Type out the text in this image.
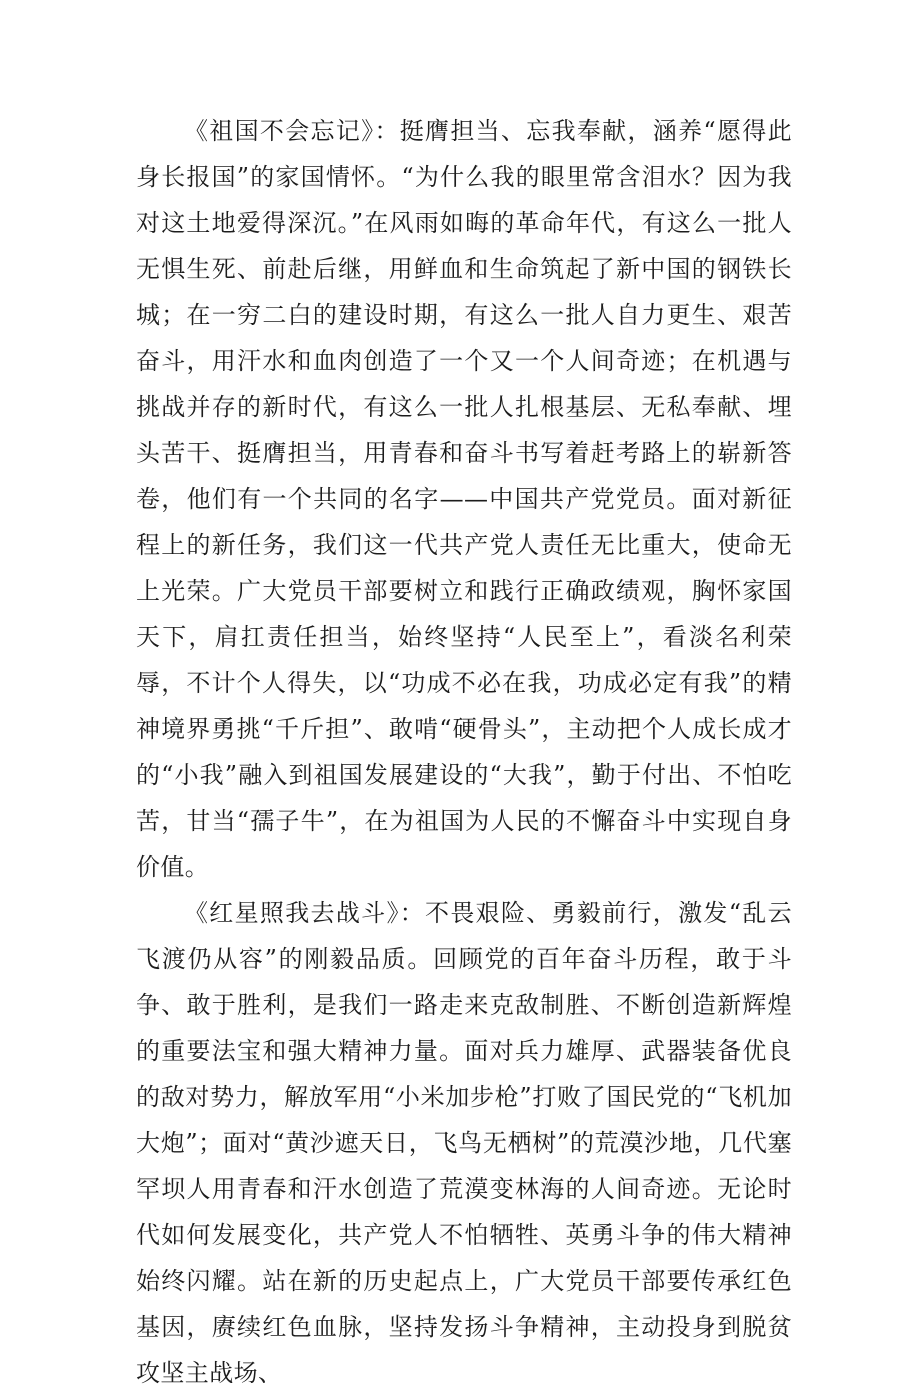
《祖国不会忘记》：挺膺担当、忘我奉献，涵养“愿得此身长报国”的家国情怀。“为什么我的眼里常含泪水？因为我对这土地爱得深沉。”在风雨如晦的革命年代，有这么一批人无惧生死、前赴后继，用鲜血和生命筑起了新中国的钢铁长城；在一穷二白的建设时期，有这么一批人自力更生、艰苦奋斗，用汗水和血肉创造了一个又一个人间奇迹；在机遇与挑战并存的新时代，有这么一批人扎根基层、无私奉献、埋头苦干、挺膺担当，用青春和奋斗书写着赶考路上的崭新答卷，他们有一个共同的名字——中国共产党党员。面对新征程上的新任务，我们这一代共产党人责任无比重大，使命无上光荣。广大党员干部要树立和践行正确政绩观，胸怀家国天下，肩扛责任担当，始终坚持“人民至上”，看淡名利荣辱，不计个人得失，以“功成不必在我，功成必定有我”的精神境界勇挑“千斤担”、敢啃“硬骨头”，主动把个人成长成才的“小我”融入到祖国发展建设的“大我”，勤于付出、不怕吃苦，甘当“孺子牛”，在为祖国为人民的不懈奋斗中实现自身价值。

《红星照我去战斗》：不畏艰险、勇毅前行，激发“乱云飞渡仍从容”的刚毅品质。回顾党的百年奋斗历程，敢于斗争、敢于胜利，是我们一路走来克敌制胜、不断创造新辉煌的重要法宝和强大精神力量。面对兵力雄厚、武器装备优良的敌对势力，解放军用“小米加步枪”打败了国民党的“飞机加大炮”；面对“黄沙遮天日，飞鸟无栖树”的荒漠沙地，几代塞罕坝人用青春和汗水创造了荒漠变林海的人间奇迹。无论时代如何发展变化，共产党人不怕牺牲、英勇斗争的伟大精神始终闪耀。站在新的历史起点上，广大党员干部要传承红色基因，赓续红色血脉，坚持发扬斗争精神，主动投身到脱贫攻坚主战场、
